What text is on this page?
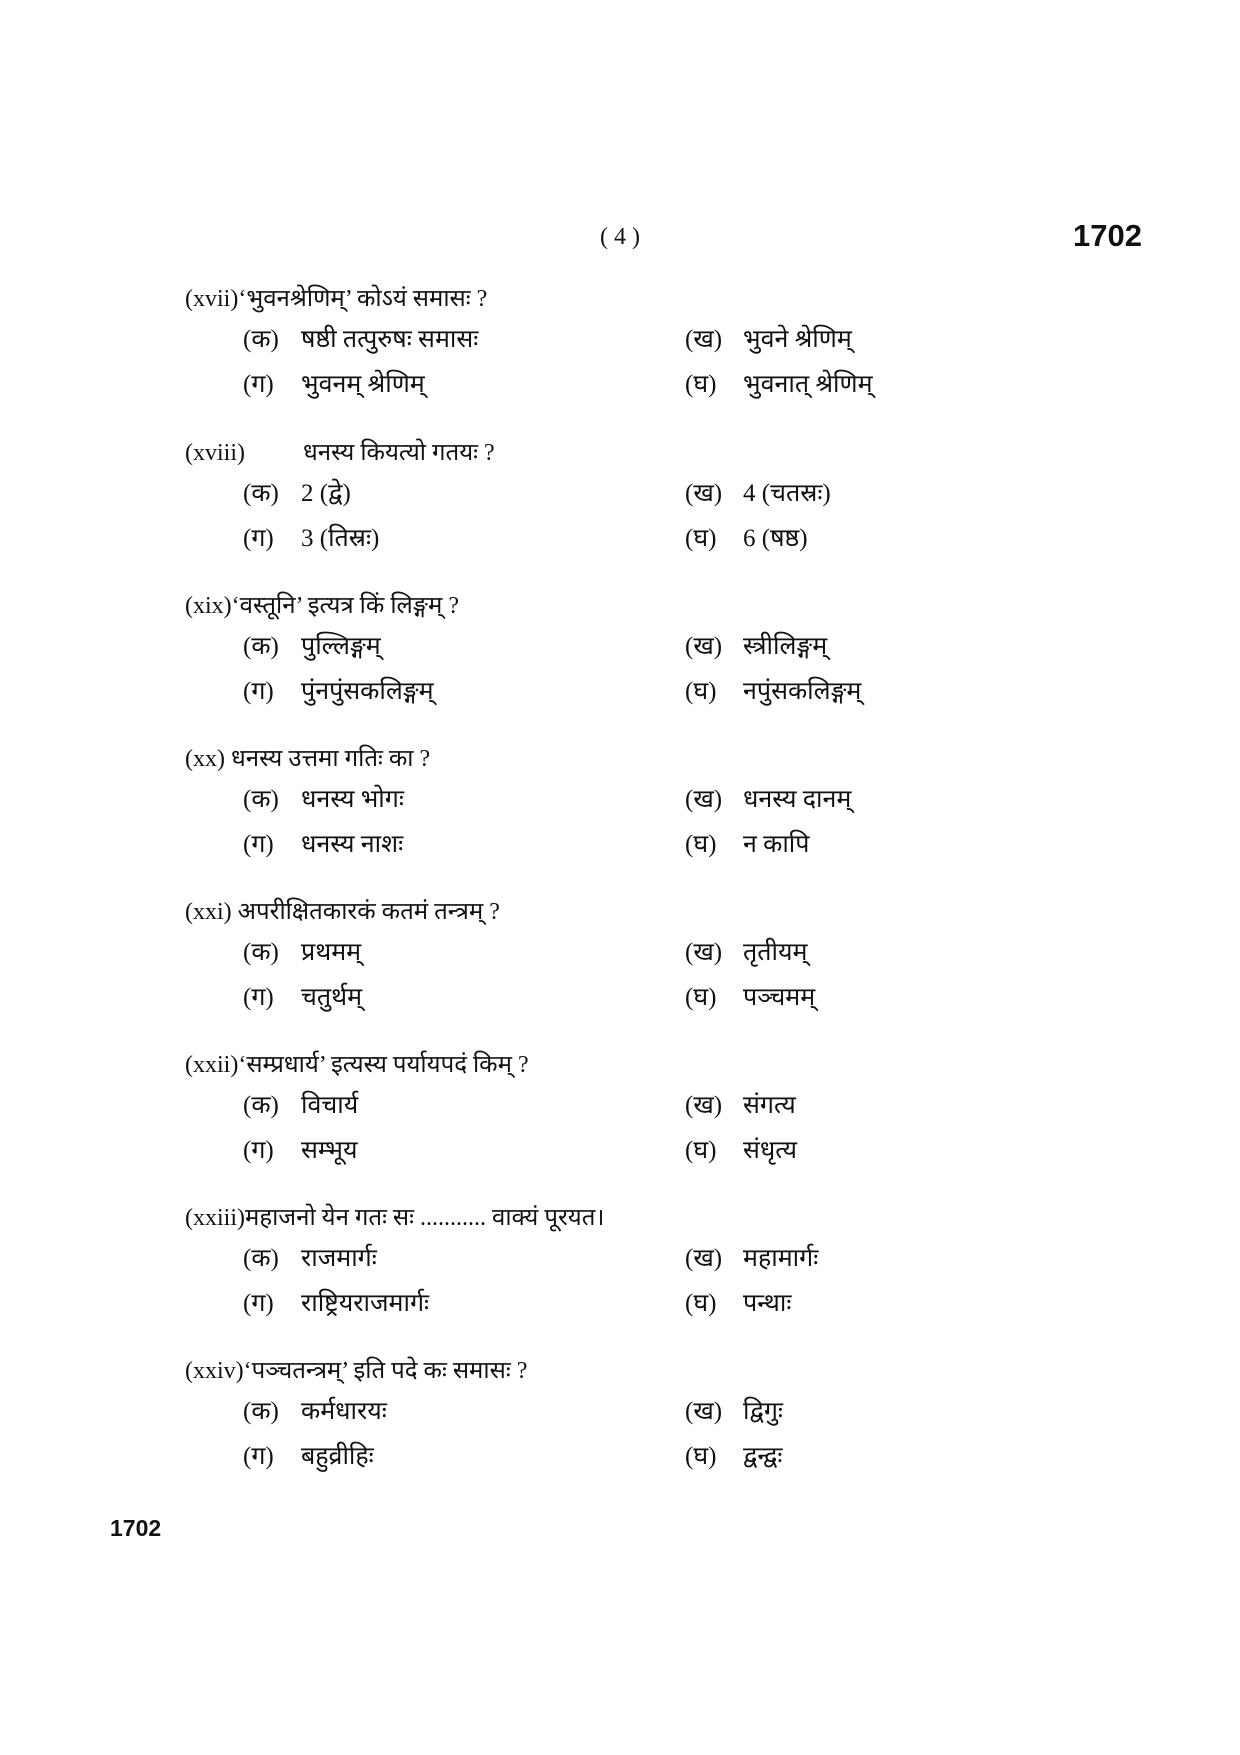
( 4 )	1702
(xvii)‘भुवनश्रेणिम्’ कोऽयं समासः ?
(क) षष्ठी तत्पुरुषः समासः	(ख) भुवने श्रेणिम्
(ग) भुवनम् श्रेणिम्	(घ) भुवनात् श्रेणिम्
(xviii) धनस्य कियत्यो गतयः ?
(क) 2 (द्वे)	(ख) 4 (चतस्रः)
(ग) 3 (तिस्रः)	(घ) 6 (षष्ठ)
(xix)‘वस्तूनि’ इत्यत्र किं लिङ्गम् ?
(क) पुल्लिङ्गम्	(ख) स्त्रीलिङ्गम्
(ग) पुंनपुंसकलिङ्गम्	(घ) नपुंसकलिङ्गम्
(xx) धनस्य उत्तमा गतिः का ?
(क) धनस्य भोगः	(ख) धनस्य दानम्
(ग) धनस्य नाशः	(घ) न कापि
(xxi) अपरीक्षितकारकं कतमं तन्त्रम् ?
(क) प्रथमम्	(ख) तृतीयम्
(ग) चतुर्थम्	(घ) पञ्चमम्
(xxii)‘सम्प्रधार्य’ इत्यस्य पर्यायपदं किम् ?
(क) विचार्य	(ख) संगत्य
(ग) सम्भूय	(घ) संधृत्य
(xxiii)महाजनो येन गतः सः ........... वाक्यं पूरयत।
(क) राजमार्गः	(ख) महामार्गः
(ग) राष्ट्रियराजमार्गः	(घ) पन्थाः
(xxiv)‘पञ्चतन्त्रम्’ इति पदे कः समासः ?
(क) कर्मधारयः	(ख) द्विगुः
(ग) बहुव्रीहिः	(घ) द्वन्द्वः
1702
